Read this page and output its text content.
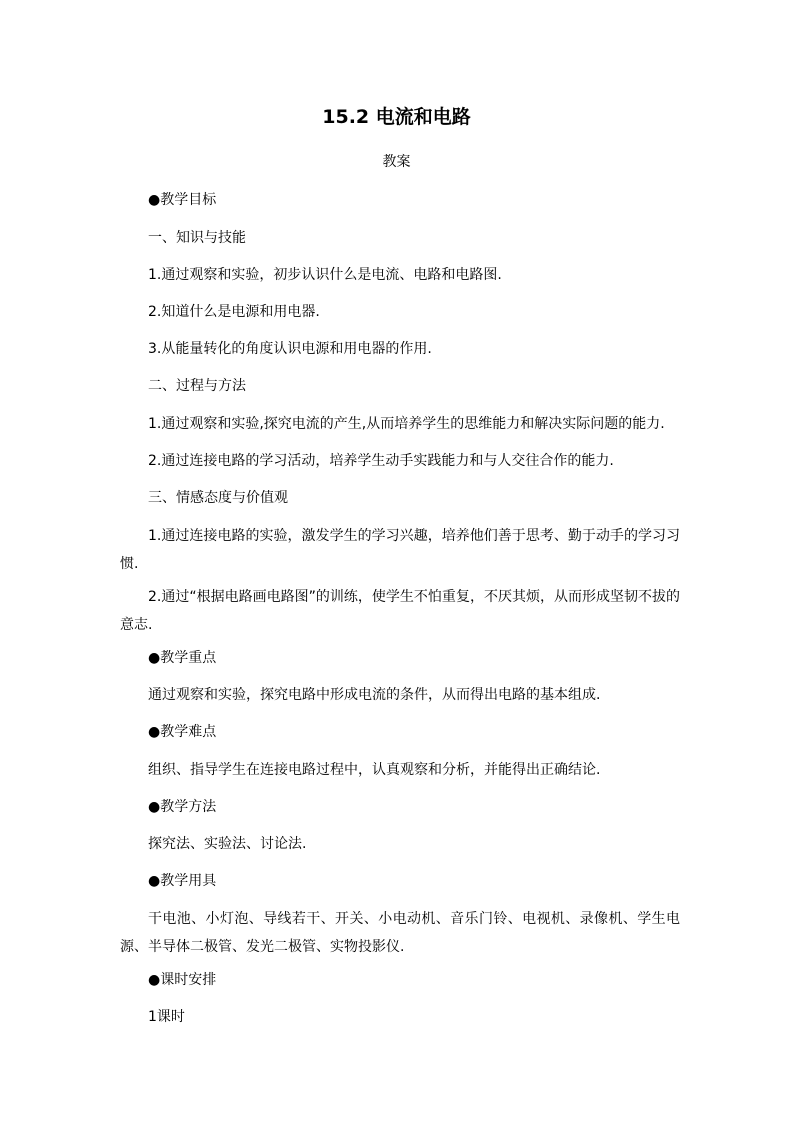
15.2 电流和电路
教案
●教学目标
一、知识与技能
1.通过观察和实验，初步认识什么是电流、电路和电路图.
2.知道什么是电源和用电器.
3.从能量转化的角度认识电源和用电器的作用.
二、过程与方法
1.通过观察和实验,探究电流的产生,从而培养学生的思维能力和解决实际问题的能力.
2.通过连接电路的学习活动，培养学生动手实践能力和与人交往合作的能力.
三、情感态度与价值观
1.通过连接电路的实验，激发学生的学习兴趣，培养他们善于思考、勤于动手的学习习惯.
2.通过“根据电路画电路图”的训练，使学生不怕重复，不厌其烦，从而形成坚韧不拔的意志.
●教学重点
通过观察和实验，探究电路中形成电流的条件，从而得出电路的基本组成.
●教学难点
组织、指导学生在连接电路过程中，认真观察和分析，并能得出正确结论.
●教学方法
探究法、实验法、讨论法.
●教学用具
干电池、小灯泡、导线若干、开关、小电动机、音乐门铃、电视机、录像机、学生电源、半导体二极管、发光二极管、实物投影仪.
●课时安排
1课时
